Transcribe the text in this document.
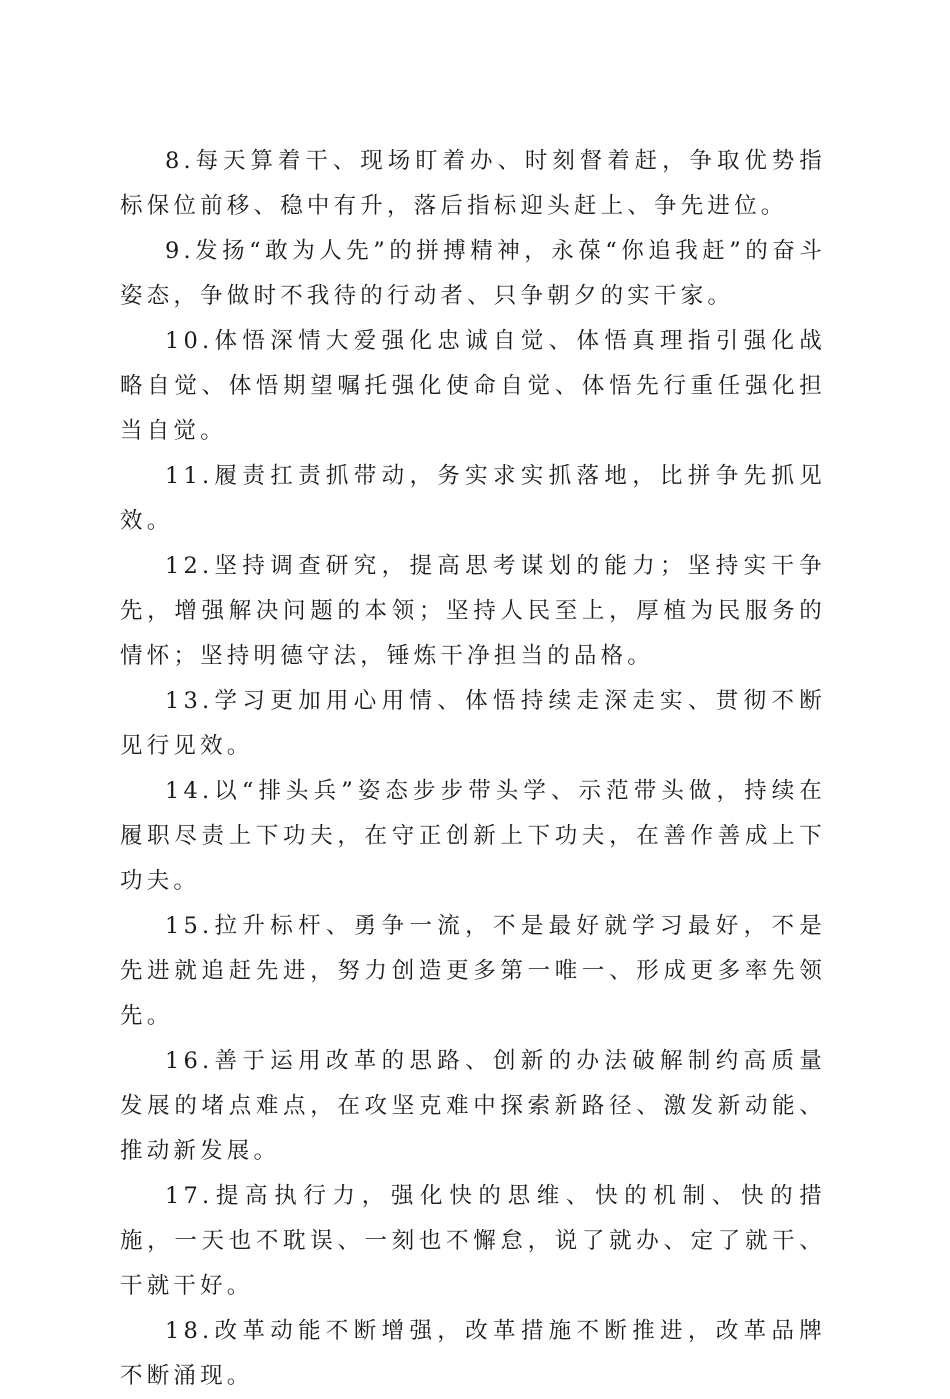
8.每天算着干、现场盯着办、时刻督着赶，争取优势指标保位前移、稳中有升，落后指标迎头赶上、争先进位。

9.发扬“敢为人先”的拼搏精神，永葆“你追我赶”的奋斗姿态，争做时不我待的行动者、只争朝夕的实干家。

10.体悟深情大爱强化忠诚自觉、体悟真理指引强化战略自觉、体悟期望嘱托强化使命自觉、体悟先行重任强化担当自觉。

11.履责扛责抓带动，务实求实抓落地，比拼争先抓见效。

12.坚持调查研究，提高思考谋划的能力；坚持实干争先，增强解决问题的本领；坚持人民至上，厚植为民服务的情怀；坚持明德守法，锤炼干净担当的品格。

13.学习更加用心用情、体悟持续走深走实、贯彻不断见行见效。

14.以“排头兵”姿态步步带头学、示范带头做，持续在履职尽责上下功夫，在守正创新上下功夫，在善作善成上下功夫。

15.拉升标杆、勇争一流，不是最好就学习最好，不是先进就追赶先进，努力创造更多第一唯一、形成更多率先领先。

16.善于运用改革的思路、创新的办法破解制约高质量发展的堵点难点，在攻坚克难中探索新路径、激发新动能、推动新发展。

17.提高执行力，强化快的思维、快的机制、快的措施，一天也不耽误、一刻也不懈怠，说了就办、定了就干、干就干好。

18.改革动能不断增强，改革措施不断推进，改革品牌不断涌现。
